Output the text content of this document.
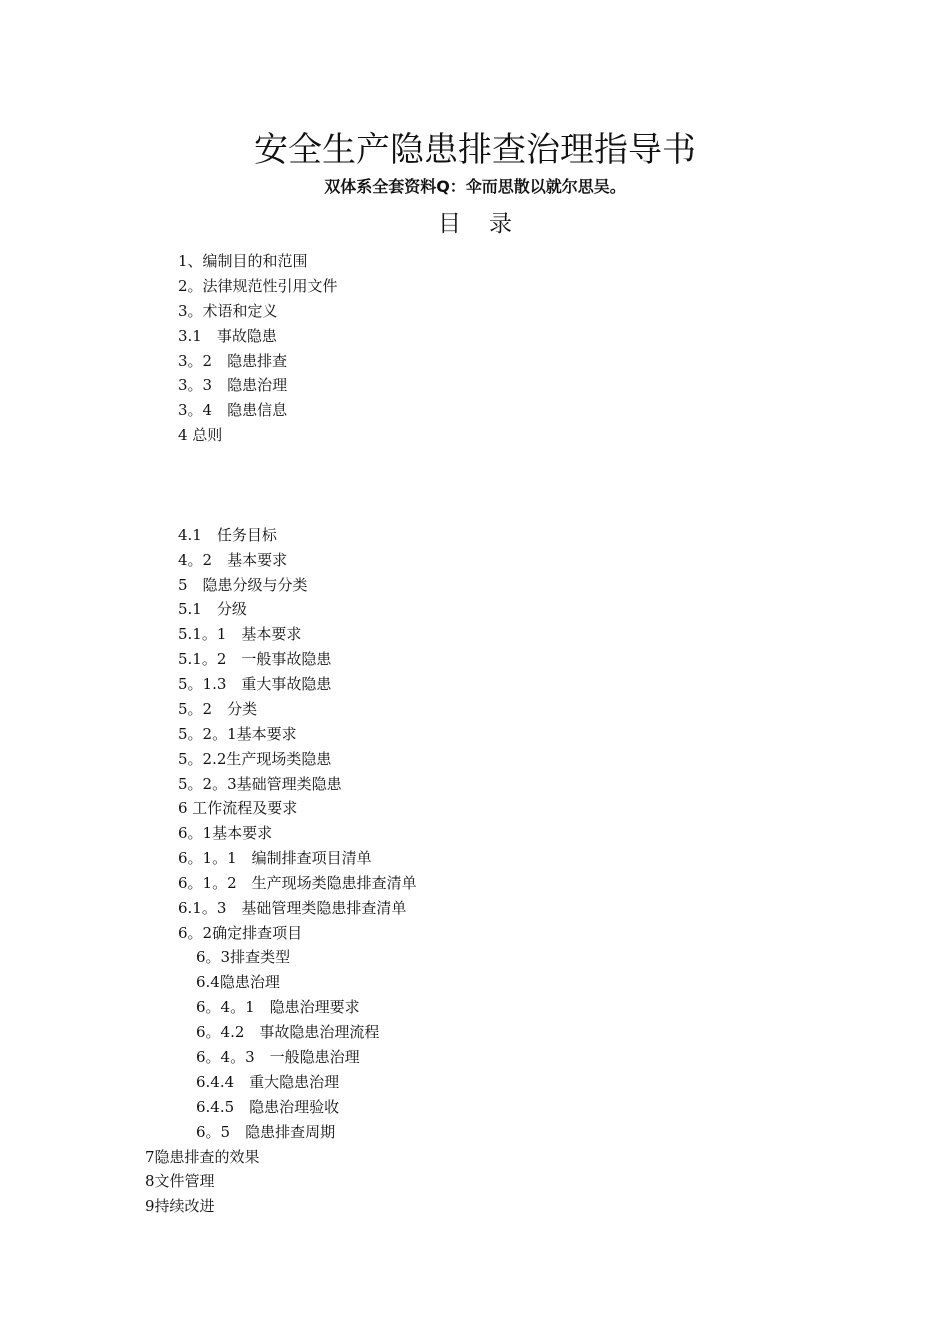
安全生产隐患排查治理指导书
双体系全套资料Q：伞而思散以就尔思吴。
目录
1、编制目的和范围
2。法律规范性引用文件
3。术语和定义
3.1　事故隐患
3。2　隐患排查
3。3　隐患治理
3。4　隐患信息
4 总则
4.1　任务目标
4。2　基本要求
5　隐患分级与分类
5.1　分级
5.1。1　基本要求
5.1。2　一般事故隐患
5。1.3　重大事故隐患
5。2　分类
5。2。1基本要求
5。2.2生产现场类隐患
5。2。3基础管理类隐患
6 工作流程及要求
6。1基本要求
6。1。1　编制排查项目清单
6。1。2　生产现场类隐患排查清单
6.1。3　基础管理类隐患排查清单
6。2确定排查项目
6。3排查类型
6.4隐患治理
6。4。1　隐患治理要求
6。4.2　事故隐患治理流程
6。4。3　一般隐患治理
6.4.4　重大隐患治理
6.4.5　隐患治理验收
6。5　隐患排查周期
7隐患排查的效果
8文件管理
9持续改进
